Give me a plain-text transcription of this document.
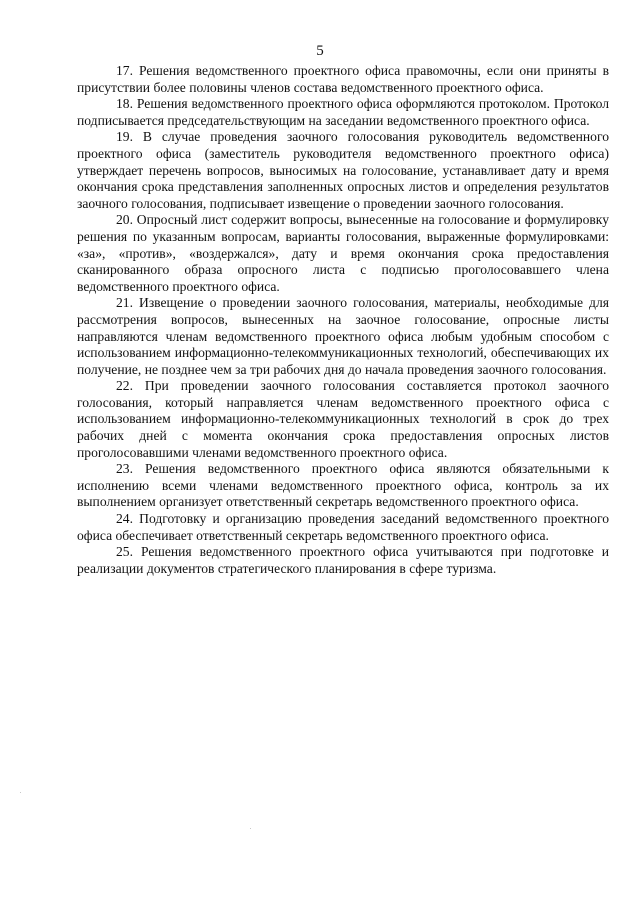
5

17. Решения ведомственного проектного офиса правомочны, если они приняты в присутствии более половины членов состава ведомственного проектного офиса.

18. Решения ведомственного проектного офиса оформляются протоколом. Протокол подписывается председательствующим на заседании ведомственного проектного офиса.

19. В случае проведения заочного голосования руководитель ведомственного проектного офиса (заместитель руководителя ведомственного проектного офиса) утверждает перечень вопросов, выносимых на голосование, устанавливает дату и время окончания срока представления заполненных опросных листов и определения результатов заочного голосования, подписывает извещение о проведении заочного голосования.

20. Опросный лист содержит вопросы, вынесенные на голосование и формулировку решения по указанным вопросам, варианты голосования, выраженные формулировками: «за», «против», «воздержался», дату и время окончания срока предоставления сканированного образа опросного листа с подписью проголосовавшего члена ведомственного проектного офиса.

21. Извещение о проведении заочного голосования, материалы, необходимые для рассмотрения вопросов, вынесенных на заочное голосование, опросные листы направляются членам ведомственного проектного офиса любым удобным способом с использованием информационно-телекоммуникационных технологий, обеспечивающих их получение, не позднее чем за три рабочих дня до начала проведения заочного голосования.

22. При проведении заочного голосования составляется протокол заочного голосования, который направляется членам ведомственного проектного офиса с использованием информационно-телекоммуникационных технологий в срок до трех рабочих дней с момента окончания срока предоставления опросных листов проголосовавшими членами ведомственного проектного офиса.

23. Решения ведомственного проектного офиса являются обязательными к исполнению всеми членами ведомственного проектного офиса, контроль за их выполнением организует ответственный секретарь ведомственного проектного офиса.

24. Подготовку и организацию проведения заседаний ведомственного проектного офиса обеспечивает ответственный секретарь ведомственного проектного офиса.

25. Решения ведомственного проектного офиса учитываются при подготовке и реализации документов стратегического планирования в сфере туризма.
